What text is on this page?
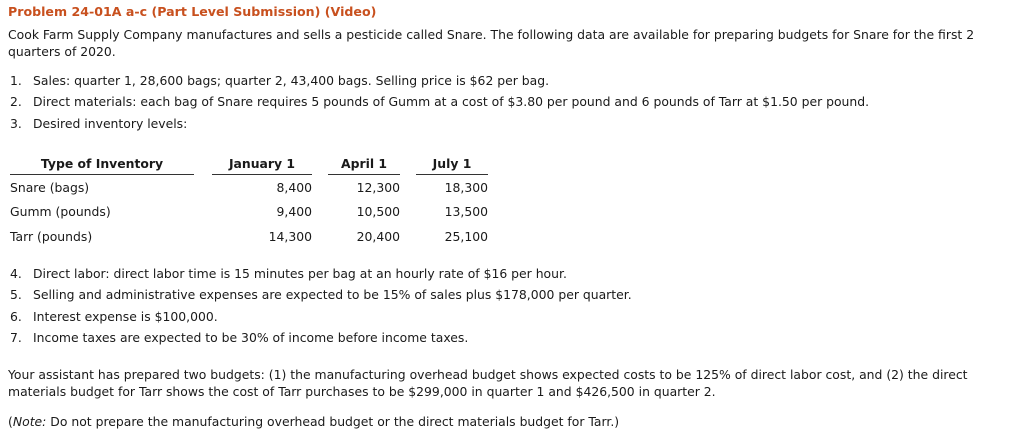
Problem 24-01A a-c (Part Level Submission) (Video)
Cook Farm Supply Company manufactures and sells a pesticide called Snare. The following data are available for preparing budgets for Snare for the first 2 quarters of 2020.
1. Sales: quarter 1, 28,600 bags; quarter 2, 43,400 bags. Selling price is $62 per bag.
2. Direct materials: each bag of Snare requires 5 pounds of Gumm at a cost of $3.80 per pound and 6 pounds of Tarr at $1.50 per pound.
3. Desired inventory levels:
Type of Inventory		January 1		April 1		July 1
Snare (bags)		8,400		12,300		18,300
Gumm (pounds)		9,400		10,500		13,500
Tarr (pounds)		14,300		20,400		25,100
4. Direct labor: direct labor time is 15 minutes per bag at an hourly rate of $16 per hour.
5. Selling and administrative expenses are expected to be 15% of sales plus $178,000 per quarter.
6. Interest expense is $100,000.
7. Income taxes are expected to be 30% of income before income taxes.
Your assistant has prepared two budgets: (1) the manufacturing overhead budget shows expected costs to be 125% of direct labor cost, and (2) the direct materials budget for Tarr shows the cost of Tarr purchases to be $299,000 in quarter 1 and $426,500 in quarter 2.
(Note: Do not prepare the manufacturing overhead budget or the direct materials budget for Tarr.)
